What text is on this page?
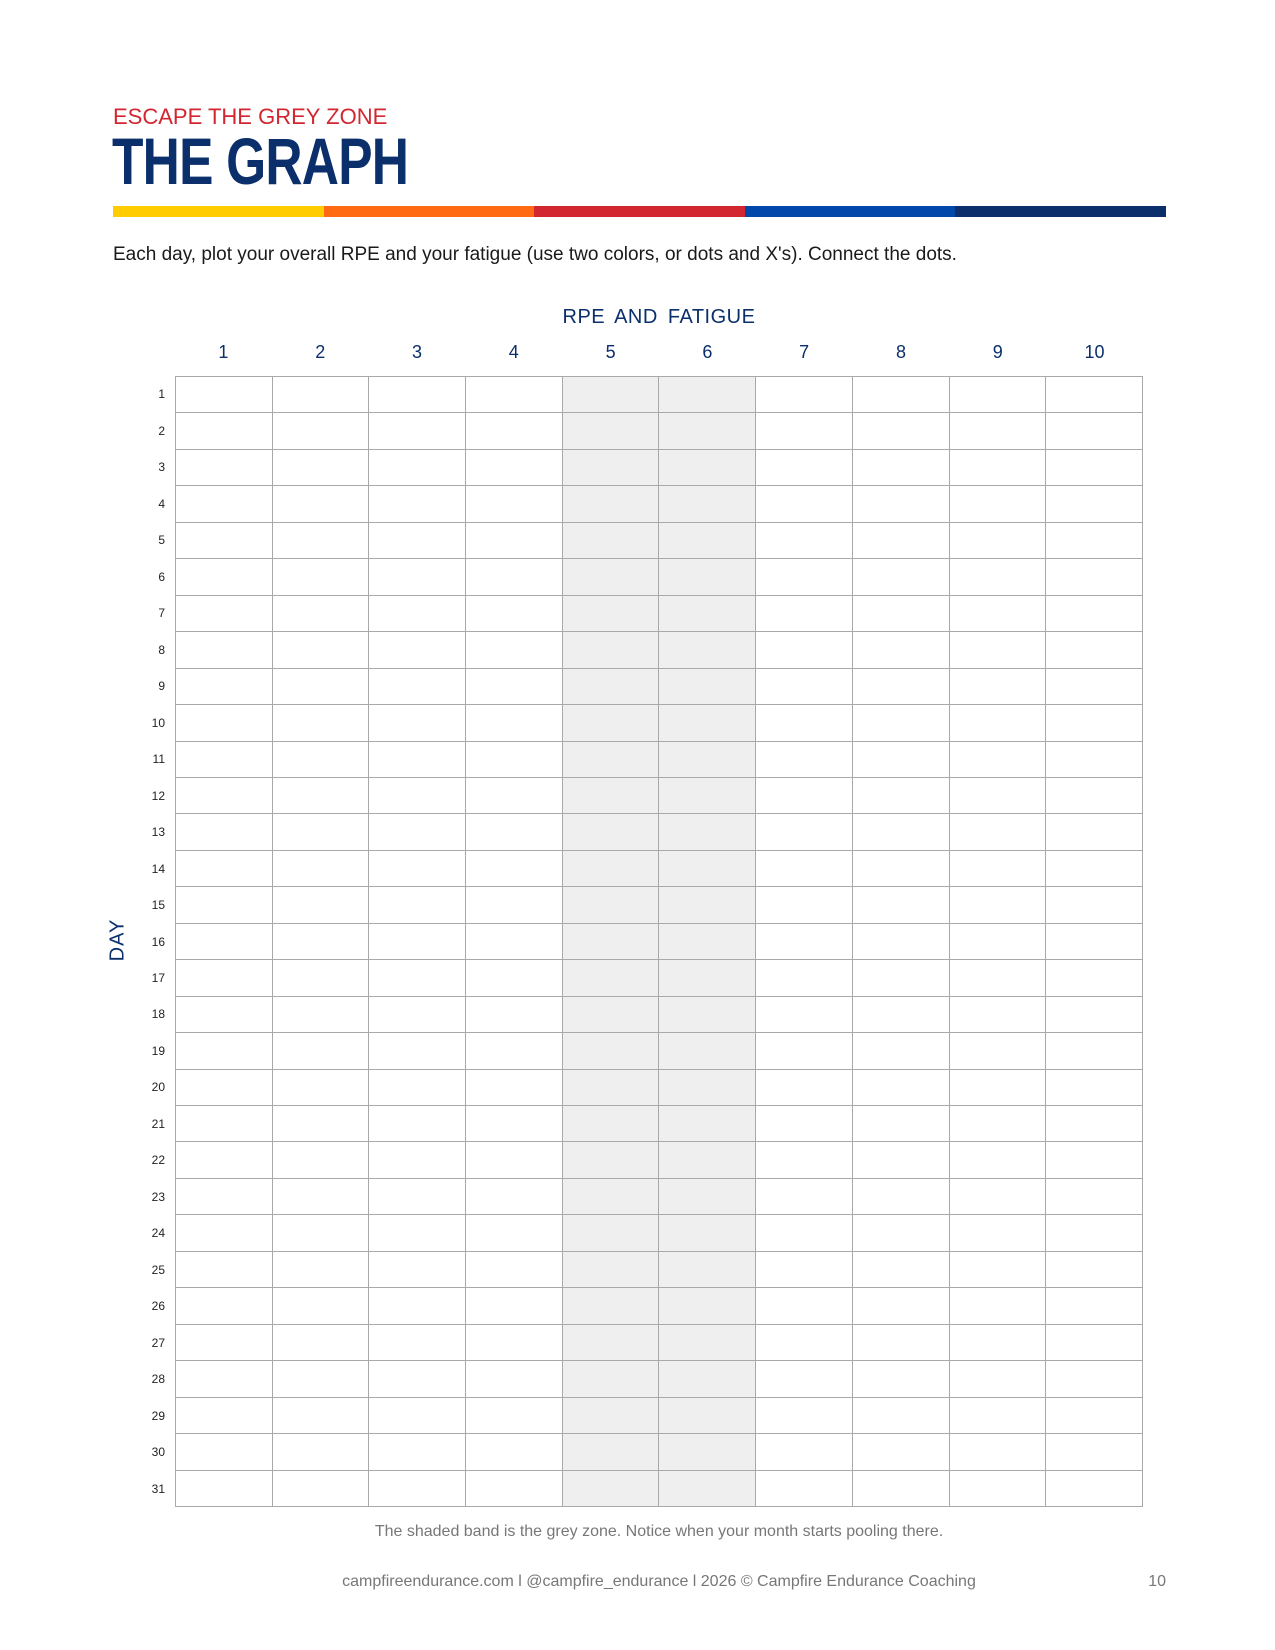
ESCAPE THE GREY ZONE
THE GRAPH
Each day, plot your overall RPE and your fatigue (use two colors, or dots and X's). Connect the dots.
RPE AND FATIGUE
1	2	3	4	5	6	7	8	9	10
DAY
1
2
3
4
5
6
7
8
9
10
11
12
13
14
15
16
17
18
19
20
21
22
23
24
25
26
27
28
29
30
31
The shaded band is the grey zone. Notice when your month starts pooling there.
campfireendurance.com l @campfire_endurance l 2026 © Campfire Endurance Coaching	10
